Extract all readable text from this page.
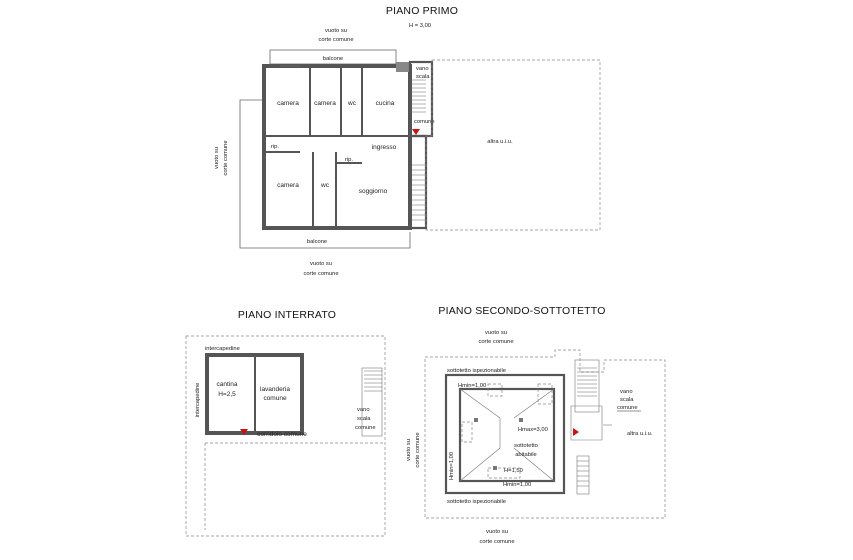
PIANO PRIMO
H = 3,00
vuoto su
corte comune
balcone
balcone
vuoto su corte comune
vano
scala
comune
altra u.i.u.
camera camera wc	cucina
rip.
rip.
ingresso
camera	wc
soggiorno
vuoto su
corte comune
PIANO INTERRATO
intercapedine
intercapedine cantina
H=2,5
lavanderia
comune
corridoio comune
vano
scala
comune
PIANO SECONDO-SOTTOTETTO
vuoto su
corte comune
sottotetto ispezionabile
sottotetto ispezionabile
Hmin=1,00
Hmax=3,00
sottotetto
abitabile
H=1,50
Hmin=1,00
Hmin=1,00
vano
scala
comune
altra u.i.u.
vuoto su corte comune
vuoto su
corte comune
